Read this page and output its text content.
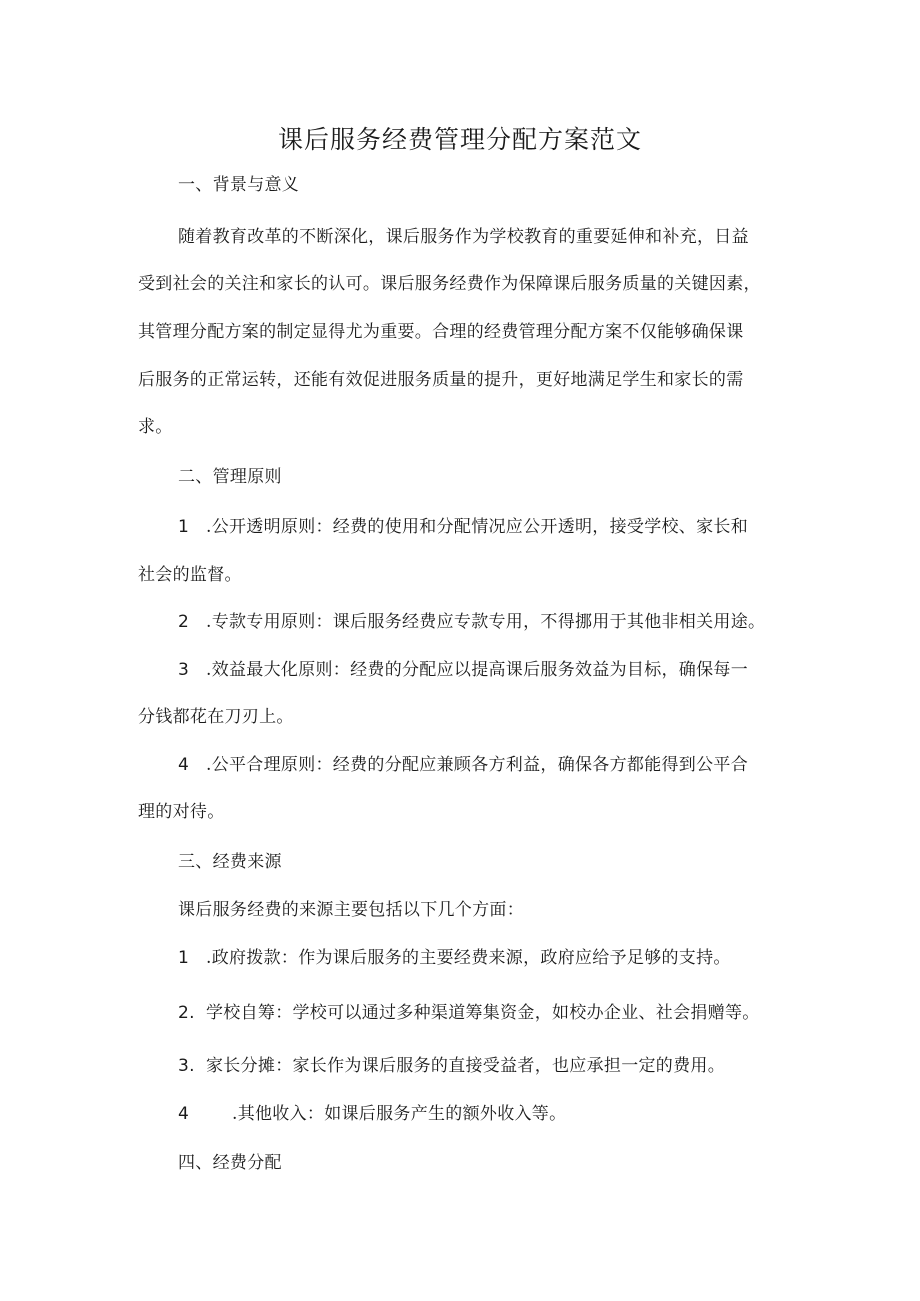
课后服务经费管理分配方案范文
一、背景与意义
随着教育改革的不断深化，课后服务作为学校教育的重要延伸和补充，日益
受到社会的关注和家长的认可。课后服务经费作为保障课后服务质量的关键因素，
其管理分配方案的制定显得尤为重要。合理的经费管理分配方案不仅能够确保课
后服务的正常运转，还能有效促进服务质量的提升，更好地满足学生和家长的需
求。
二、管理原则
1 .公开透明原则：经费的使用和分配情况应公开透明，接受学校、家长和
社会的监督。
2 .专款专用原则：课后服务经费应专款专用，不得挪用于其他非相关用途。
3 .效益最大化原则：经费的分配应以提高课后服务效益为目标，确保每一
分钱都花在刀刃上。
4 .公平合理原则：经费的分配应兼顾各方利益，确保各方都能得到公平合
理的对待。
三、经费来源
课后服务经费的来源主要包括以下几个方面：
1 .政府拨款：作为课后服务的主要经费来源，政府应给予足够的支持。
2. 学校自筹：学校可以通过多种渠道筹集资金，如校办企业、社会捐赠等。
3. 家长分摊：家长作为课后服务的直接受益者，也应承担一定的费用。
4	.其他收入：如课后服务产生的额外收入等。
四、经费分配
